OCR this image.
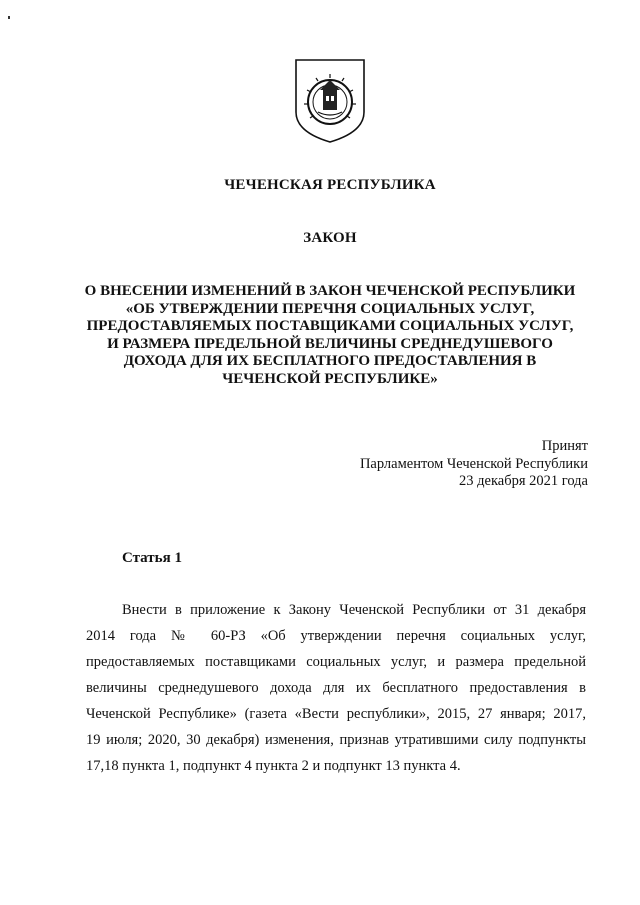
ЧЕЧЕНСКАЯ РЕСПУБЛИКА
ЗАКОН
О ВНЕСЕНИИ ИЗМЕНЕНИЙ В ЗАКОН ЧЕЧЕНСКОЙ РЕСПУБЛИКИ
«ОБ УТВЕРЖДЕНИИ ПЕРЕЧНЯ СОЦИАЛЬНЫХ УСЛУГ,
ПРЕДОСТАВЛЯЕМЫХ ПОСТАВЩИКАМИ СОЦИАЛЬНЫХ УСЛУГ,
И РАЗМЕРА ПРЕДЕЛЬНОЙ ВЕЛИЧИНЫ СРЕДНЕДУШЕВОГО
ДОХОДА ДЛЯ ИХ БЕСПЛАТНОГО ПРЕДОСТАВЛЕНИЯ В
ЧЕЧЕНСКОЙ РЕСПУБЛИКЕ»
Принят
Парламентом Чеченской Республики
23 декабря 2021 года
Статья 1
Внести в приложение к Закону Чеченской Республики от 31 декабря
2014 года № 60-РЗ «Об утверждении перечня социальных услуг,
предоставляемых поставщиками социальных услуг, и размера предельной
величины среднедушевого дохода для их бесплатного предоставления в
Чеченской Республике» (газета «Вести республики», 2015, 27 января; 2017,
19 июля; 2020, 30 декабря) изменения, признав утратившими силу подпункты
17,18 пункта 1, подпункт 4 пункта 2 и подпункт 13 пункта 4.
